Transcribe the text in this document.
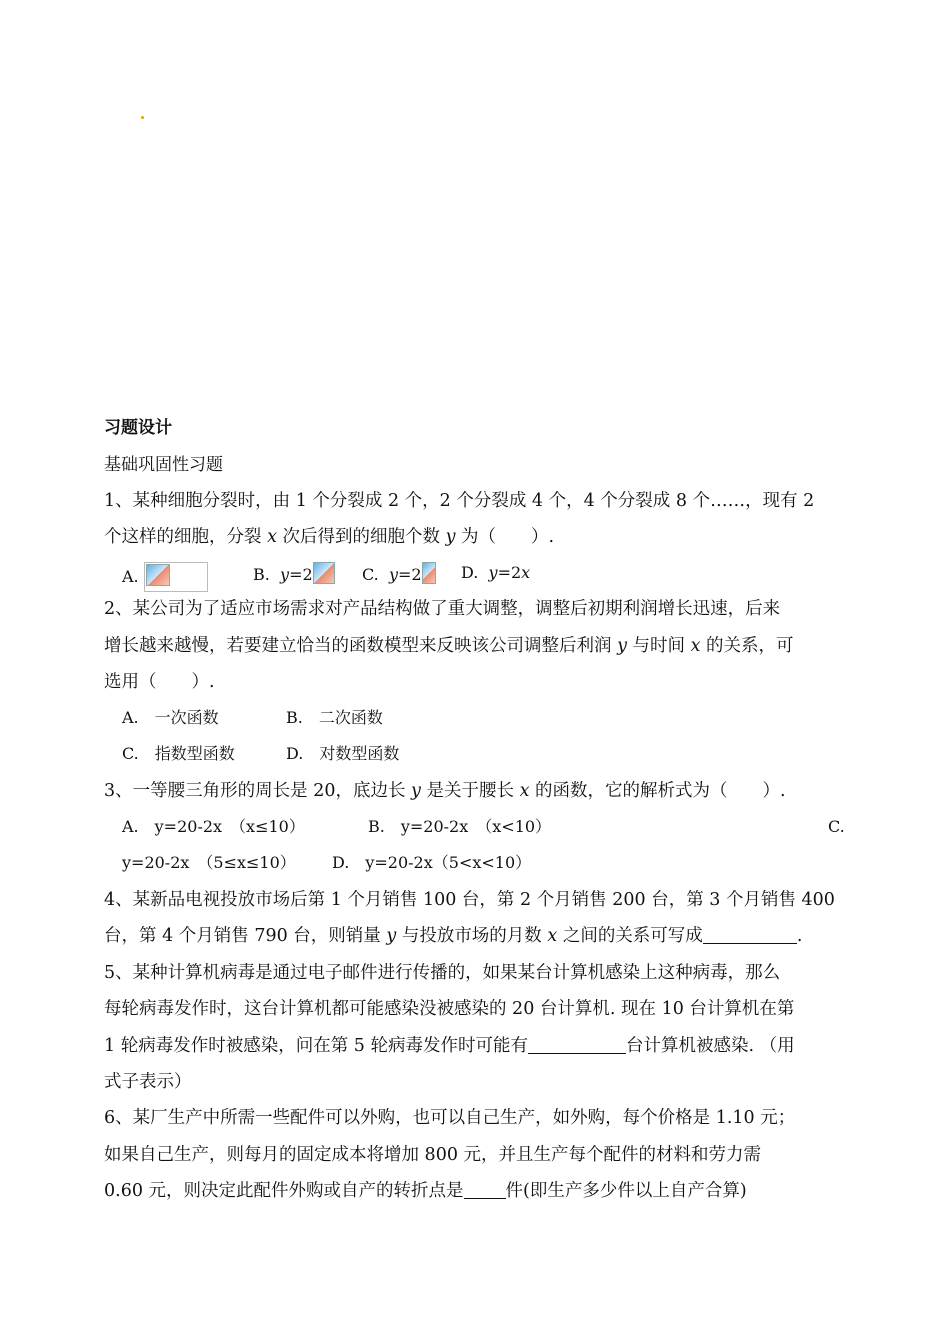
习题设计
基础巩固性习题
1、某种细胞分裂时，由 1 个分裂成 2 个，2 个分裂成 4 个，4 个分裂成 8 个……，现有 2
个这样的细胞，分裂 x 次后得到的细胞个数 y 为（　　）.
A.	B. y=2	C. y=2	D. y=2x
2、某公司为了适应市场需求对产品结构做了重大调整，调整后初期利润增长迅速，后来
增长越来越慢，若要建立恰当的函数模型来反映该公司调整后利润 y 与时间 x 的关系，可
选用（　　）.
A.　一次函数	B.　二次函数
C.　指数型函数	D.　对数型函数
3、一等腰三角形的周长是 20，底边长 y 是关于腰长 x 的函数，它的解析式为（　　）.
A.　y=20-2x　（x≤10）	B.　y=20-2x　（x<10）	C.
y=20-2x　（5≤x≤10） D.　y=20-2x（5<x<10）
4、某新品电视投放市场后第 1 个月销售 100 台，第 2 个月销售 200 台，第 3 个月销售 400
台，第 4 个月销售 790 台，则销量 y 与投放市场的月数 x 之间的关系可写成	.
5、某种计算机病毒是通过电子邮件进行传播的，如果某台计算机感染上这种病毒，那么
每轮病毒发作时，这台计算机都可能感染没被感染的 20 台计算机. 现在 10 台计算机在第
1 轮病毒发作时被感染，问在第 5 轮病毒发作时可能有	台计算机被感染. （用
式子表示）
6、某厂生产中所需一些配件可以外购，也可以自己生产，如外购，每个价格是 1.10 元；
如果自己生产，则每月的固定成本将增加 800 元，并且生产每个配件的材料和劳力需
0.60 元，则决定此配件外购或自产的转折点是 件(即生产多少件以上自产合算)
